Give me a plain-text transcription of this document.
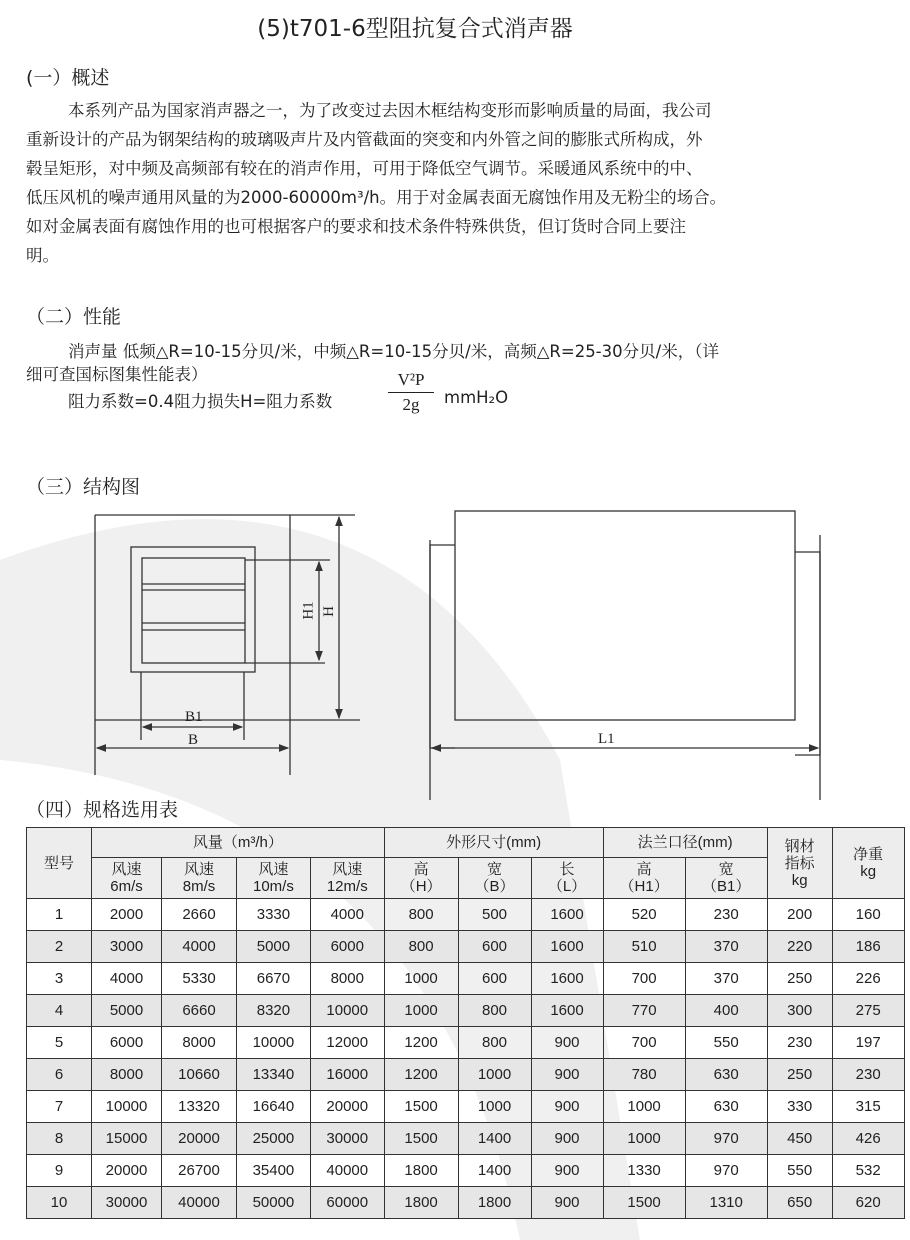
(5)t701-6型阻抗复合式消声器
(一）概述
本系列产品为国家消声器之一，为了改变过去因木框结构变形而影响质量的局面，我公司
重新设计的产品为钢架结构的玻璃吸声片及内管截面的突变和内外管之间的膨胀式所构成，外
毂呈矩形，对中频及高频部有较在的消声作用，可用于降低空气调节。采暖通风系统中的中、
低压风机的噪声通用风量的为2000-60000m³/h。用于对金属表面无腐蚀作用及无粉尘的场合。
如对金属表面有腐蚀作用的也可根据客户的要求和技术条件特殊供货，但订货时合同上要注
明。
（二）性能
消声量 低频△R=10-15分贝/米，中频△R=10-15分贝/米，高频△R=25-30分贝/米，（详
细可查国标图集性能表）
阻力系数=0.4阻力损失H=阻力系数	$\frac{\text{V²P}}{2g} mmH_2O$
（三）结构图
B1
B
H1 H
L1
（四）规格选用表
型号	风量（m³/h）				外形尺寸(mm)			法兰口径(mm)		钢材指标kg	净重kg
	风速6m/s	风速8m/s	风速10m/s	风速12m/s	高（H）	宽（B）	长（L）	高（H1）	宽（B1）		
1	2000	2660	3330	4000	800	500	1600	520	230	200	160
2	3000	4000	5000	6000	800	600	1600	510	370	220	186
3	4000	5330	6670	8000	1000	600	1600	700	370	250	226
4	5000	6660	8320	10000	1000	800	1600	770	400	300	275
5	6000	8000	10000	12000	1200	800	900	700	550	230	197
6	8000	10660	13340	16000	1200	1000	900	780	630	250	230
7	10000	13320	16640	20000	1500	1000	900	1000	630	330	315
8	15000	20000	25000	30000	1500	1400	900	1000	970	450	426
9	20000	26700	35400	40000	1800	1400	900	1330	970	550	532
10	30000	40000	50000	60000	1800	1800	900	1500	1310	650	620
